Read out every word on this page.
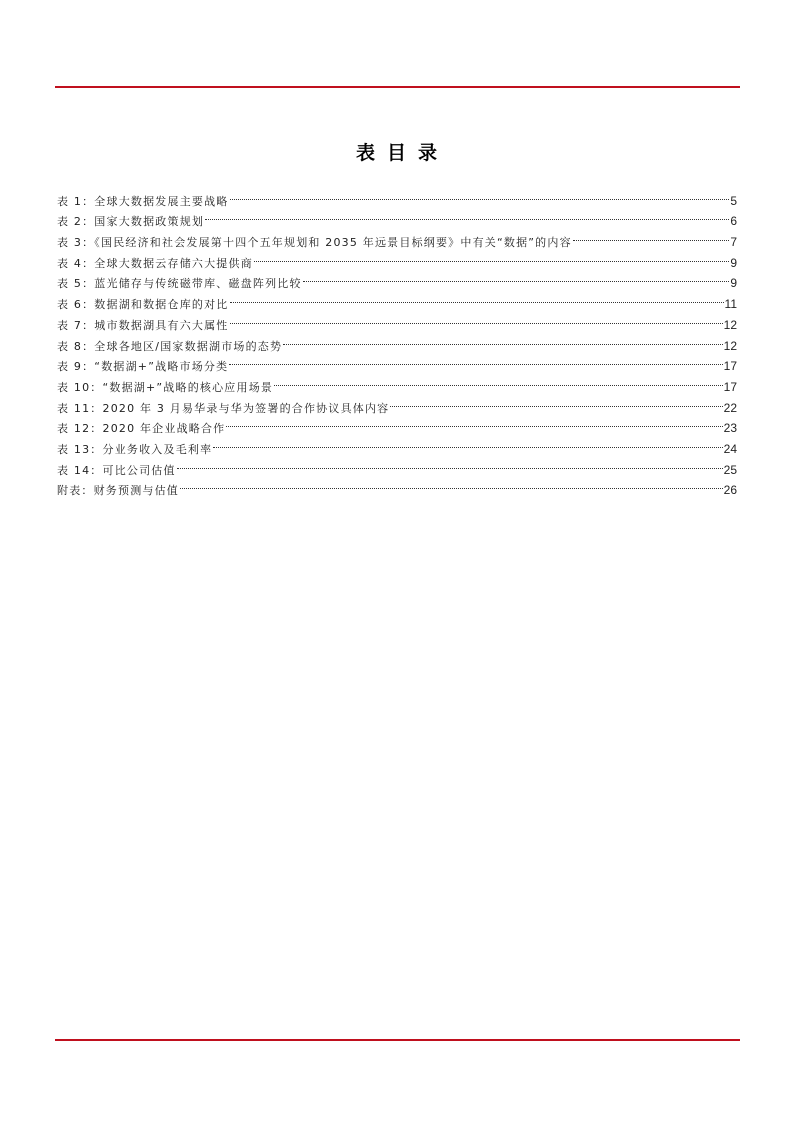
表目录
表 1：全球大数据发展主要战略	5
表 2：国家大数据政策规划	6
表 3：《国民经济和社会发展第十四个五年规划和 2035 年远景目标纲要》中有关“数据”的内容	7
表 4：全球大数据云存储六大提供商	9
表 5：蓝光储存与传统磁带库、磁盘阵列比较	9
表 6：数据湖和数据仓库的对比	11
表 7：城市数据湖具有六大属性	12
表 8：全球各地区/国家数据湖市场的态势	12
表 9：“数据湖+”战略市场分类	17
表 10：“数据湖+”战略的核心应用场景	17
表 11：2020 年 3 月易华录与华为签署的合作协议具体内容	22
表 12：2020 年企业战略合作	23
表 13：分业务收入及毛利率	24
表 14：可比公司估值	25
附表：财务预测与估值	26
